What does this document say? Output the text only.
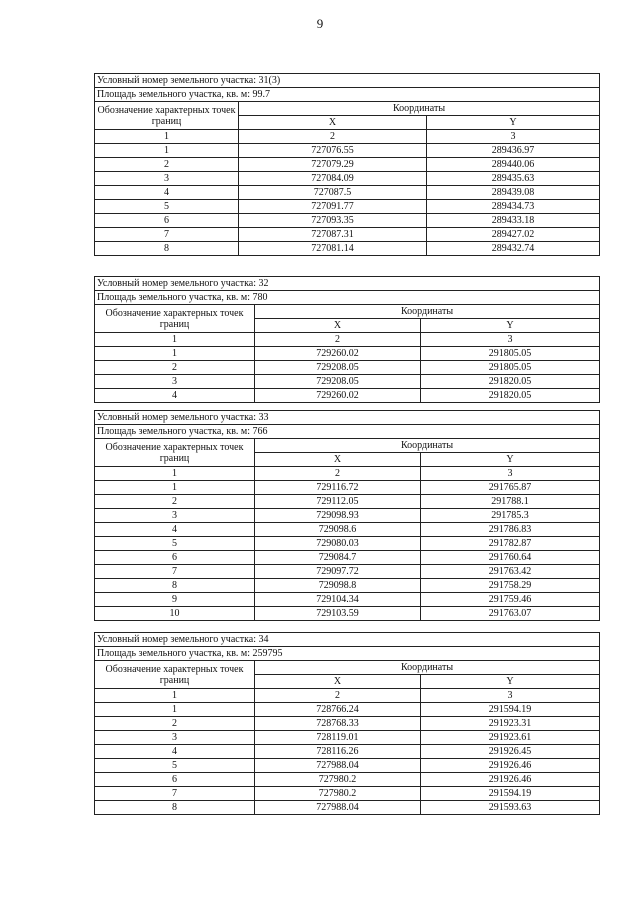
9
Условный номер земельного участка: 31(3)		
Площадь земельного участка, кв. м: 99.7		
Обозначение характерных точек границ	Координаты	
	X	Y
1	2	3
1	727076.55	289436.97
2	727079.29	289440.06
3	727084.09	289435.63
4	727087.5	289439.08
5	727091.77	289434.73
6	727093.35	289433.18
7	727087.31	289427.02
8	727081.14	289432.74
Условный номер земельного участка: 32		
Площадь земельного участка, кв. м: 780		
Обозначение характерных точек границ	Координаты	
	X	Y
1	2	3
1	729260.02	291805.05
2	729208.05	291805.05
3	729208.05	291820.05
4	729260.02	291820.05
Условный номер земельного участка: 33		
Площадь земельного участка, кв. м: 766		
Обозначение характерных точек границ	Координаты	
	X	Y
1	2	3
1	729116.72	291765.87
2	729112.05	291788.1
3	729098.93	291785.3
4	729098.6	291786.83
5	729080.03	291782.87
6	729084.7	291760.64
7	729097.72	291763.42
8	729098.8	291758.29
9	729104.34	291759.46
10	729103.59	291763.07
Условный номер земельного участка: 34		
Площадь земельного участка, кв. м: 259795		
Обозначение характерных точек границ	Координаты	
	X	Y
1	2	3
1	728766.24	291594.19
2	728768.33	291923.31
3	728119.01	291923.61
4	728116.26	291926.45
5	727988.04	291926.46
6	727980.2	291926.46
7	727980.2	291594.19
8	727988.04	291593.63
